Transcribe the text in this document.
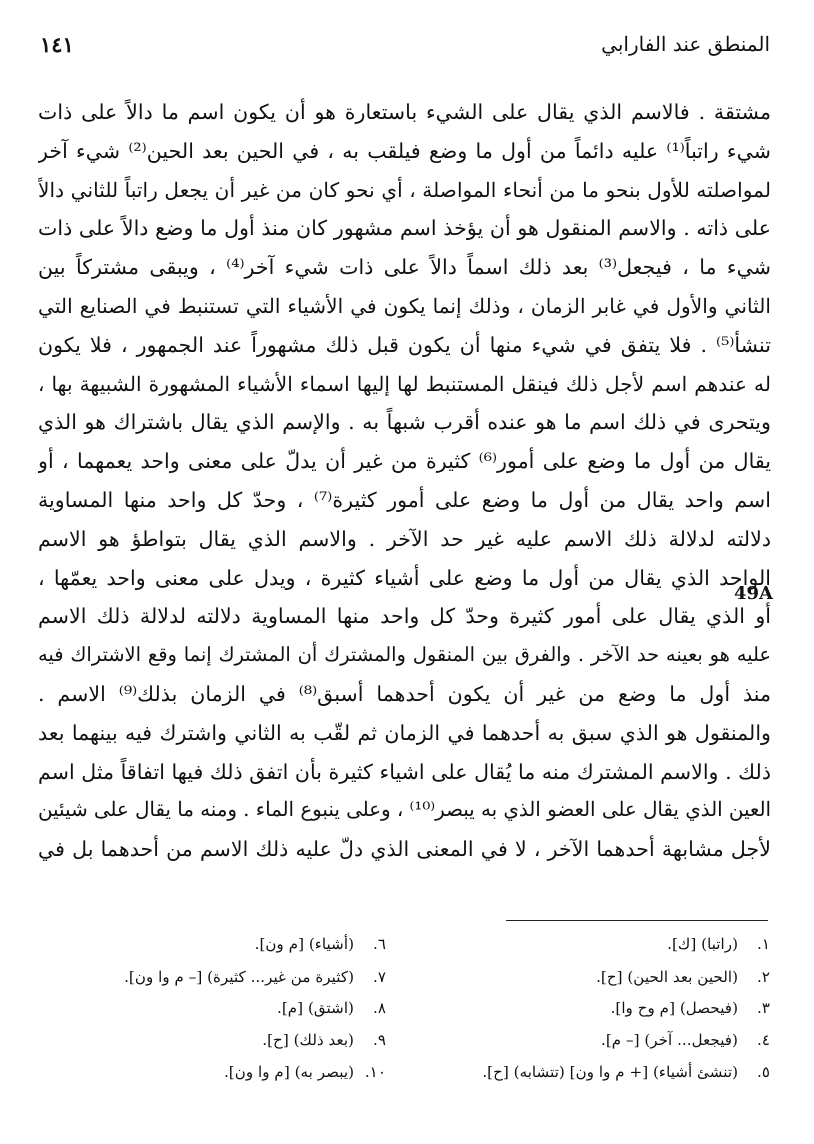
١٤١	المنطق عند الفارابي
مشتقة . فالاسم الذي يقال على الشيء باستعارة هو أن يكون اسم ما دالاً على ذات
شيء راتباً⁽¹⁾ عليه دائماً من أول ما وضع فيلقب به ، في الحين بعد الحين⁽²⁾ شيء آخر
لمواصلته للأول بنحو ما من أنحاء المواصلة ، أي نحو كان من غير أن يجعل راتباً للثاني دالاً
على ذاته . والاسم المنقول هو أن يؤخذ اسم مشهور كان منذ أول ما وضع دالاً على ذات
شيء ما ، فيجعل⁽³⁾ بعد ذلك اسماً دالاً على ذات شيء آخر⁽⁴⁾ ، ويبقى مشتركاً بين
الثاني والأول في غابر الزمان ، وذلك إنما يكون في الأشياء التي تستنبط في الصنايع التي
تنشأ⁽⁵⁾ . فلا يتفق في شيء منها أن يكون قبل ذلك مشهوراً عند الجمهور ، فلا يكون
له عندهم اسم لأجل ذلك فينقل المستنبط لها إليها اسماء الأشياء المشهورة الشبيهة بها ،
ويتحرى في ذلك اسم ما هو عنده أقرب شبهاً به . والإسم الذي يقال باشتراك هو الذي
يقال من أول ما وضع على أمور⁽⁶⁾ كثيرة من غير أن يدلّ على معنى واحد يعمهما ، أو
اسم واحد يقال من أول ما وضع على أمور كثيرة⁽⁷⁾ ، وحدّ كل واحد منها المساوية
دلالته لدلالة ذلك الاسم عليه غير حد الآخر . والاسم الذي يقال بتواطؤ هو الاسم
الواحد الذي يقال من أول ما وضع على أشياء كثيرة ، ويدل على معنى واحد يعمّها ،
أو الذي يقال على أمور كثيرة وحدّ كل واحد منها المساوية دلالته لدلالة ذلك الاسم
عليه هو بعينه حد الآخر . والفرق بين المنقول والمشترك أن المشترك إنما وقع الاشتراك فيه
منذ أول ما وضع من غير أن يكون أحدهما أسبق⁽⁸⁾ في الزمان بذلك⁽⁹⁾ الاسم .
والمنقول هو الذي سبق به أحدهما في الزمان ثم لقّب به الثاني واشترك فيه بينهما بعد
ذلك . والاسم المشترك منه ما يُقال على اشياء كثيرة بأن اتفق ذلك فيها اتفاقاً مثل اسم
العين الذي يقال على العضو الذي به يبصر⁽¹⁰⁾ ، وعلى ينبوع الماء . ومنه ما يقال على شيئين
لأجل مشابهة أحدهما الآخر ، لا في المعنى الذي دلّ عليه ذلك الاسم من أحدهما بل في
49A
١.(راتبا) [ك].
٢.(الحين بعد الحين) [ح].
٣.(فيحصل) [م وح وا].
٤.(فيجعل... آخر) [– م].
٥.(تنشئ أشياء) [+ م وا ون] (تتشابه) [ح].
٦.(أشياء) [م ون].
٧.(كثيرة من غير... كثيرة) [– م وا ون].
٨.(اشتق) [م].
٩.(بعد ذلك) [ح].
١٠.(يبصر به) [م وا ون].
